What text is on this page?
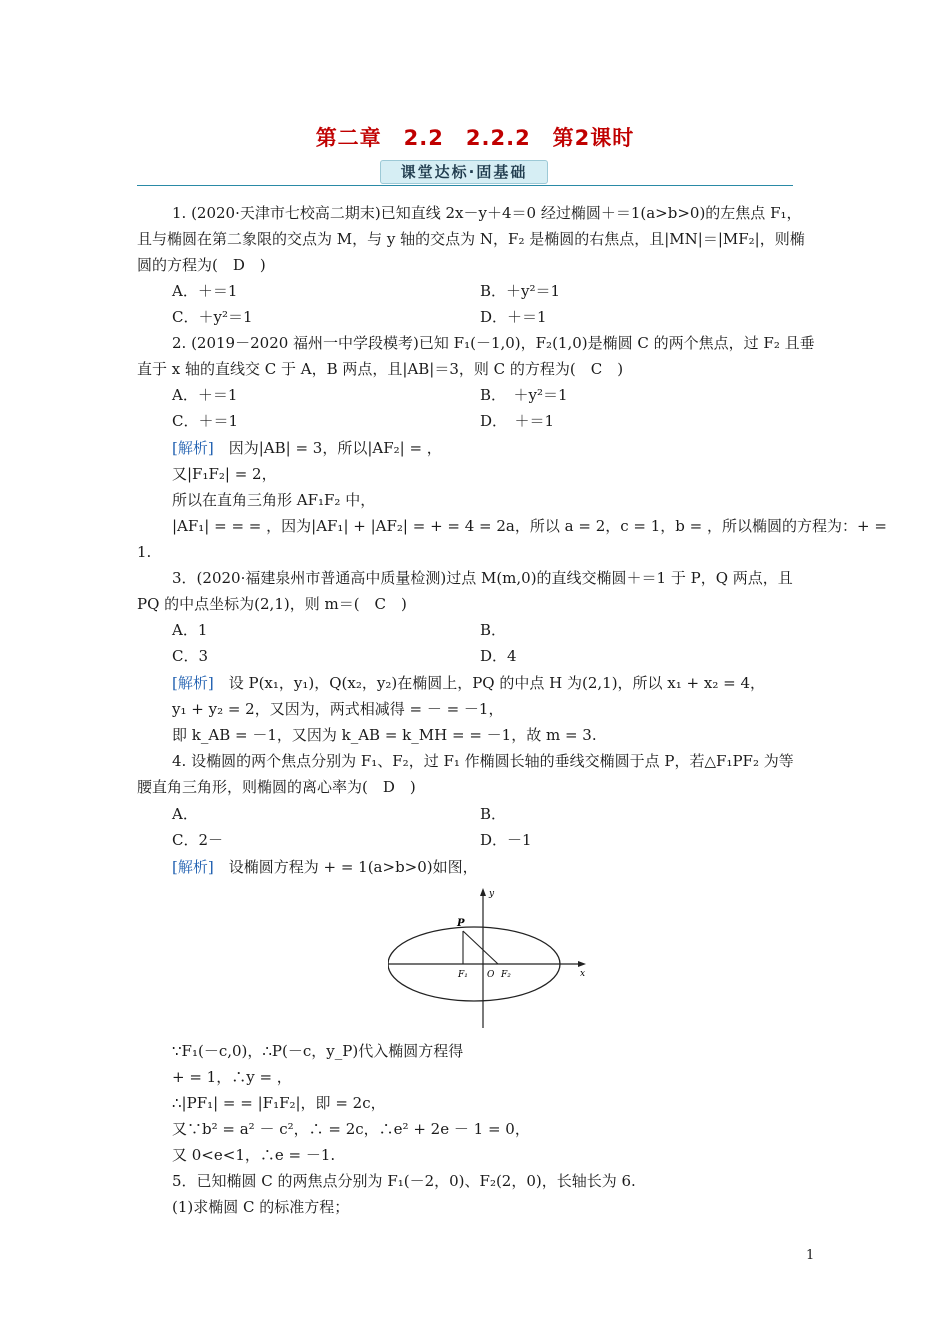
第二章　2.2　2.2.2　第2课时
课堂达标·固基础
1. (2020·天津市七校高二期末)已知直线 2x－y＋4＝0 经过椭圆＋＝1(a>b>0)的左焦点 F₁，
且与椭圆在第二象限的交点为 M，与 y 轴的交点为 N，F₂ 是椭圆的右焦点，且|MN|＝|MF₂|，则椭
圆的方程为(　D　)
A．＋＝1	B．＋y²＝1
C．＋y²＝1	D．＋＝1
2. (2019－2020 福州一中学段模考)已知 F₁(－1,0)，F₂(1,0)是椭圆 C 的两个焦点，过 F₂ 且垂
直于 x 轴的直线交 C 于 A，B 两点，且|AB|＝3，则 C 的方程为(　C　)
A．＋＝1	B．　＋y²＝1
C．＋＝1	D．　＋＝1
[解析]　因为|AB| = 3，所以|AF₂| = ，
又|F₁F₂| = 2，
所以在直角三角形 AF₁F₂ 中，
|AF₁| = = = ，因为|AF₁| + |AF₂| = + = 4 = 2a，所以 a = 2，c = 1，b = ，所以椭圆的方程为：+ =
1.
3．(2020·福建泉州市普通高中质量检测)过点 M(m,0)的直线交椭圆＋＝1 于 P，Q 两点，且
PQ 的中点坐标为(2,1)，则 m＝(　C　)
A．1	B．
C．3	D．4
[解析]　设 P(x₁，y₁)，Q(x₂，y₂)在椭圆上，PQ 的中点 H 为(2,1)，所以 x₁ + x₂ = 4，
y₁ + y₂ = 2，又因为，两式相减得 = － = －1，
即 k_AB = －1，又因为 k_AB = k_MH = = －1，故 m = 3.
4. 设椭圆的两个焦点分别为 F₁、F₂，过 F₁ 作椭圆长轴的垂线交椭圆于点 P，若△F₁PF₂ 为等
腰直角三角形，则椭圆的离心率为(　D　)
A．	B．
C．2－	D．－1
[解析]　设椭圆方程为 + = 1(a>b>0)如图，
P
F₁ O F₂	x
y
∵F₁(－c,0)，∴P(－c，y_P)代入椭圆方程得
+ = 1，∴y = ，
∴|PF₁| = = |F₁F₂|，即 = 2c，
又∵b² = a² － c²，∴ = 2c，∴e² + 2e － 1 = 0，
又 0<e<1，∴e = －1.
5．已知椭圆 C 的两焦点分别为 F₁(－2，0)、F₂(2，0)，长轴长为 6.
(1)求椭圆 C 的标准方程；
1
